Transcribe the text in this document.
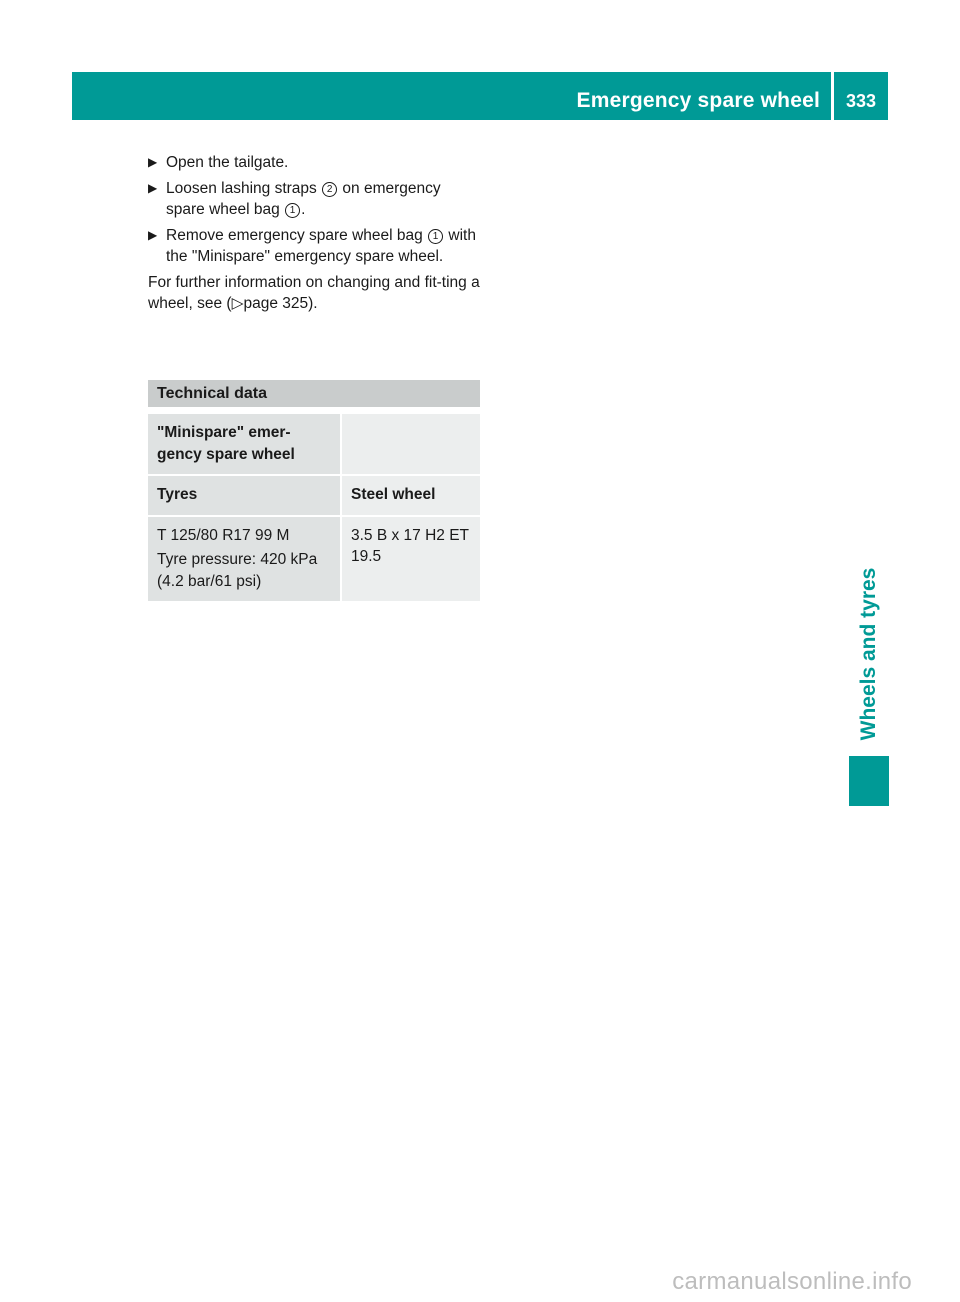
Emergency spare wheel	333
▶ Open the tailgate.
▶ Loosen lashing straps 2 on emergency spare wheel bag 1 .
▶ Remove emergency spare wheel bag 1 with the "Minispare" emergency spare wheel.
For further information on changing and fit-ting a wheel, see (▷page 325).
Technical data
"Minispare" emer-gency spare wheel	
Tyres	Steel wheel

T 125/80 R17 99 M
Tyre pressure: 420 kPa (4.2 bar/61 psi)	3.5 B x 17 H2 ET 19.5
Wheels and tyres
carmanualsonline.info
